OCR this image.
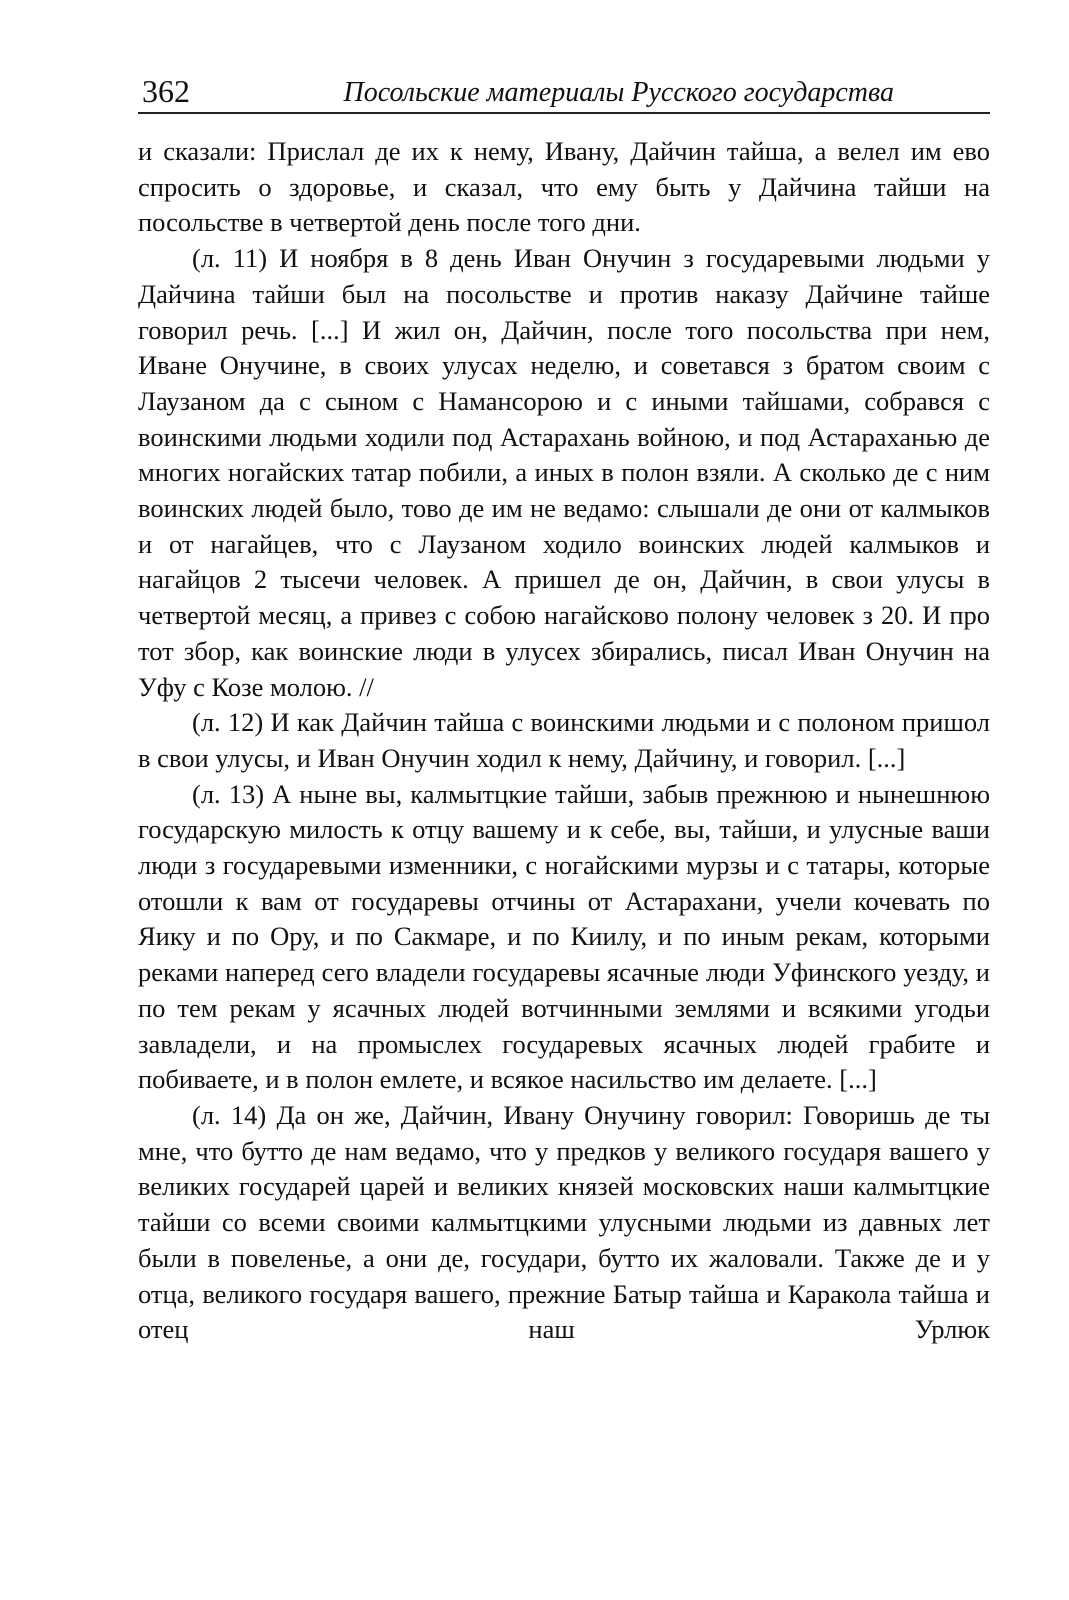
362	Посольские материалы Русского государства

и сказали: Прислал де их к нему, Ивану, Дайчин тайша, а велел им ево спросить о здоровье, и сказал, что ему быть у Дайчина тайши на посольстве в четвертой день после того дни.

(л. 11) И ноября в 8 день Иван Онучин з государевыми людьми у Дайчина тайши был на посольстве и против наказу Дайчине тайше говорил речь. [...] И жил он, Дайчин, после того посольства при нем, Иване Онучине, в своих улусах неделю, и советався з братом своим с Лаузаном да с сыном с Намансорою и с иными тайшами, собрався с воинскими людьми ходили под Астарахань войною, и под Астараханью де многих ногайских татар побили, а иных в полон взяли. А сколько де с ним воинских людей было, тово де им не ведамо: слышали де они от калмыков и от нагайцев, что с Лаузаном ходило воинских людей калмыков и нагайцов 2 тысечи человек. А пришел де он, Дайчин, в свои улусы в четвертой месяц, а привез с собою нагайсково полону человек з 20. И про тот збор, как воинские люди в улусех збирались, писал Иван Онучин на Уфу с Козе молою. //

(л. 12) И как Дайчин тайша с воинскими людьми и с полоном пришол в свои улусы, и Иван Онучин ходил к нему, Дайчину, и говорил. [...]

(л. 13) А ныне вы, калмытцкие тайши, забыв прежнюю и нынешнюю государскую милость к отцу вашему и к себе, вы, тайши, и улусные ваши люди з государевыми изменники, с ногайскими мурзы и с татары, которые отошли к вам от государевы отчины от Астарахани, учели кочевать по Яику и по Ору, и по Сакмаре, и по Киилу, и по иным рекам, которыми реками наперед сего владели государевы ясачные люди Уфинского уезду, и по тем рекам у ясачных людей вотчинными землями и всякими угодьи завладели, и на промыслех государевых ясачных людей грабите и побиваете, и в полон емлете, и всякое насильство им делаете. [...]

(л. 14) Да он же, Дайчин, Ивану Онучину говорил: Говоришь де ты мне, что бутто де нам ведамо, что у предков у великого государя вашего у великих государей царей и великих князей московских наши калмытцкие тайши со всеми своими калмытцкими улусными людьми из давных лет были в повеленье, а они де, государи, бутто их жаловали. Также де и у отца, великого государя вашего, прежние Батыр тайша и Каракола тайша и отец наш Урлюк
